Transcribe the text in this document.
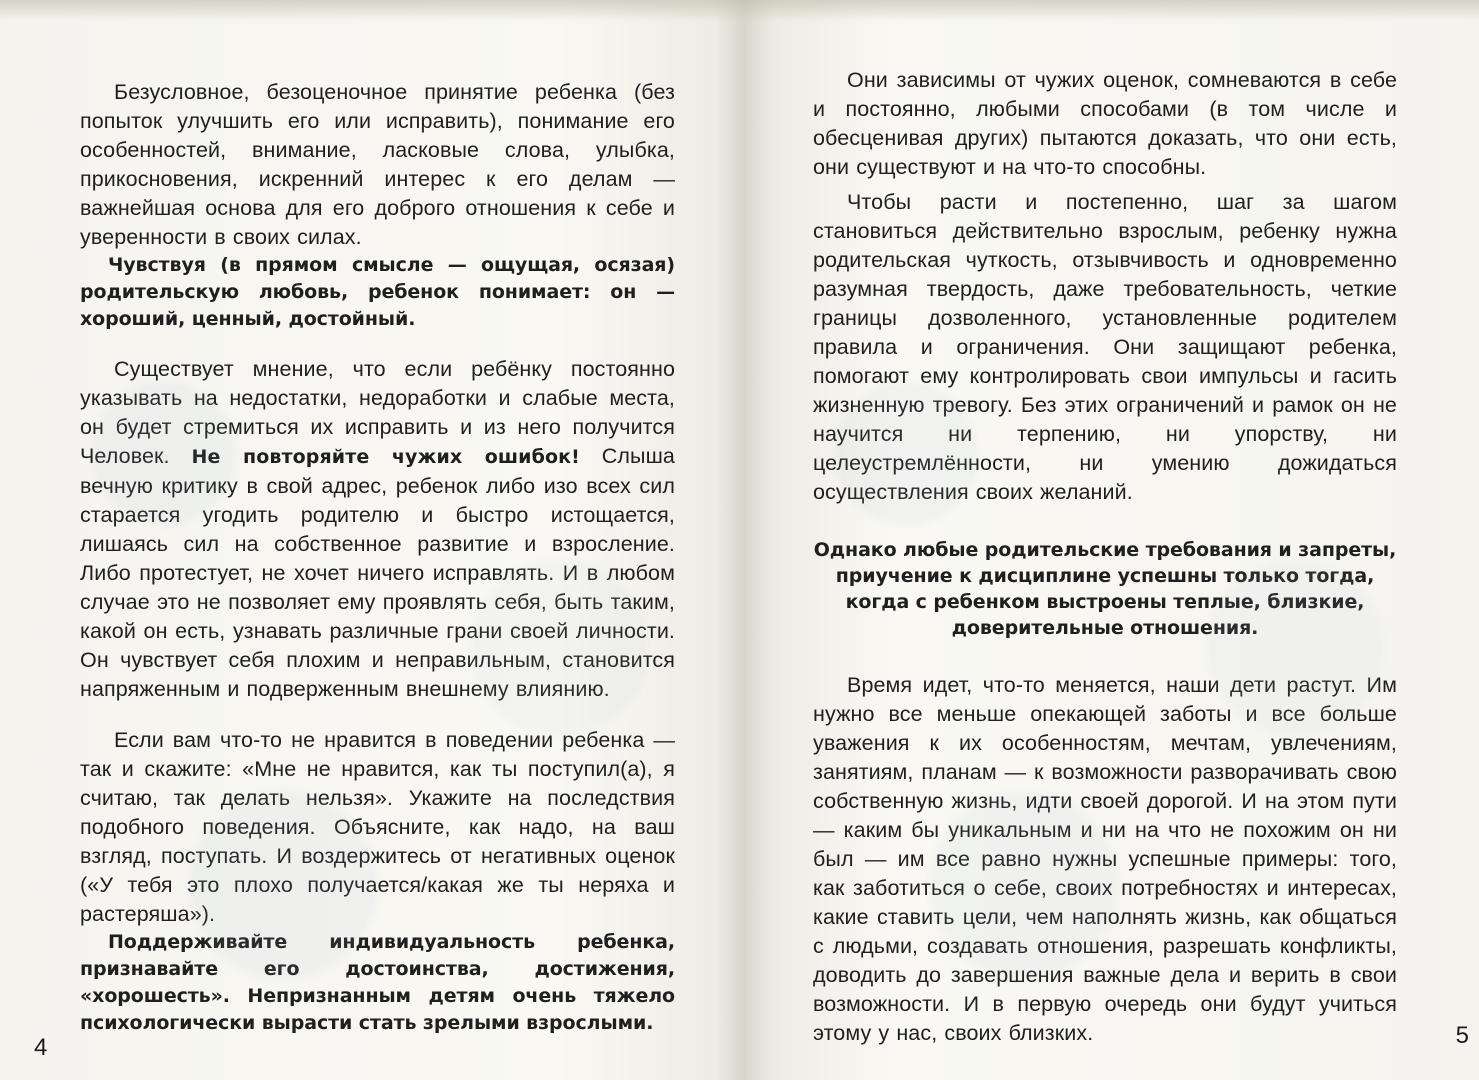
Безусловное, безоценочное принятие ребенка (без попыток улучшить его или исправить), понимание его особенностей, внимание, ласковые слова, улыбка, прикосновения, искренний интерес к его делам — важнейшая основа для его доброго отношения к себе и уверенности в своих силах.

Чувствуя (в прямом смысле — ощущая, осязая) родительскую любовь, ребенок понимает: он — хороший, ценный, достойный.

Существует мнение, что если ребёнку постоянно указывать на недостатки, недоработки и слабые места, он будет стремиться их исправить и из него получится Человек. Не повторяйте чужих ошибок! Слыша вечную критику в свой адрес, ребенок либо изо всех сил старается угодить родителю и быстро истощается, лишаясь сил на собственное развитие и взросление. Либо протестует, не хочет ничего исправлять. И в любом случае это не позволяет ему проявлять себя, быть таким, какой он есть, узнавать различные грани своей личности. Он чувствует себя плохим и неправильным, становится напряженным и подверженным внешнему влиянию.

Если вам что-то не нравится в поведении ребенка — так и скажите: «Мне не нравится, как ты поступил(а), я считаю, так делать нельзя». Укажите на последствия подобного поведения. Объясните, как надо, на ваш взгляд, поступать. И воздержитесь от негативных оценок («У тебя это плохо получается/какая же ты неряха и растеряша»).

Поддерживайте индивидуальность ребенка, признавайте его достоинства, достижения, «хорошесть». Непризнанным детям очень тяжело психологически вырасти стать зрелыми взрослыми.

4

Они зависимы от чужих оценок, сомневаются в себе и постоянно, любыми способами (в том числе и обесценивая других) пытаются доказать, что они есть, они существуют и на что-то способны.

Чтобы расти и постепенно, шаг за шагом становиться действительно взрослым, ребенку нужна родительская чуткость, отзывчивость и одновременно разумная твердость, даже требовательность, четкие границы дозволенного, установленные родителем правила и ограничения. Они защищают ребенка, помогают ему контролировать свои импульсы и гасить жизненную тревогу. Без этих ограничений и рамок он не научится ни терпению, ни упорству, ни целеустремлённости, ни умению дожидаться осуществления своих желаний.

Однако любые родительские требования и запреты, приучение к дисциплине успешны только тогда, когда с ребенком выстроены теплые, близкие, доверительные отношения.

Время идет, что-то меняется, наши дети растут. Им нужно все меньше опекающей заботы и все больше уважения к их особенностям, мечтам, увлечениям, занятиям, планам — к возможности разворачивать свою собственную жизнь, идти своей дорогой. И на этом пути — каким бы уникальным и ни на что не похожим он ни был — им все равно нужны успешные примеры: того, как заботиться о себе, своих потребностях и интересах, какие ставить цели, чем наполнять жизнь, как общаться с людьми, создавать отношения, разрешать конфликты, доводить до завершения важные дела и верить в свои возможности. И в первую очередь они будут учиться этому у нас, своих близких.	5
